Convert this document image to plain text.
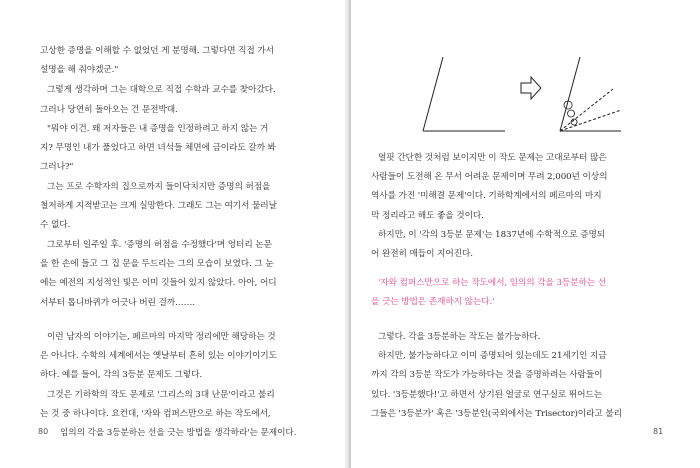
고상한 증명을 이해할 수 없었던 게 분명해. 그렇다면 직접 가서
설명을 해 줘야겠군."
그렇게 생각하며 그는 대학으로 직접 수학과 교수를 찾아갔다.
그러나 당연히 돌아오는 건 문전박대.
"뭐야 이건. 왜 저자들은 내 증명을 인정하려고 하지 않는 거
지? 무명인 내가 풀었다고 하면 녀석들 체면에 금이라도 갈까 봐
그러나?"
그는 프로 수학자의 집으로까지 들이닥치지만 증명의 허점을
철저하게 지적받고는 크게 실망한다. 그래도 그는 여기서 물러날
수 없다.
그로부터 일주일 후. '증명의 허점을 수정했다'며 엉터리 논문
을 한 손에 들고 그 집 문을 두드리는 그의 모습이 보였다. 그 눈
에는 예전의 지성적인 빛은 이미 깃들어 있지 않았다. 아아, 어디
서부터 톱니바퀴가 어긋나 버린 걸까…….
이런 남자의 이야기는, 페르마의 마지막 정리에만 해당하는 것
은 아니다. 수학의 세계에서는 옛날부터 흔히 있는 이야기이기도
하다. 예를 들어, 각의 3등분 문제도 그렇다.
그것은 기하학의 작도 문제로 '그리스의 3대 난문'이라고 불리
는 것 중 하나이다. 요컨대, '자와 컴퍼스만으로 하는 작도에서,
임의의 각을 3등분하는 선을 긋는 방법을 생각하라'는 문제이다.
80
얼핏 간단한 것처럼 보이지만 이 작도 문제는 고대로부터 많은
사람들이 도전해 온 무서 어려운 문제이며 무려 2,000년 이상의
역사를 가진 '미해결 문제'이다. 기하학계에서의 페르마의 마지
막 정리라고 해도 좋을 것이다.
하지만, 이 '각의 3등분 문제'는 1837년에 수학적으로 증명되
어 완전히 매듭이 지어진다.
'자와 컴퍼스만으로 하는 작도에서, 임의의 각을 3등분하는 선
을 긋는 방법은 존재하지 않는다.'
그렇다. 각을 3등분하는 작도는 불가능하다.
하지만, 불가능하다고 이미 증명되어 있는데도 21세기인 지금
까지 각의 3등분 작도가 가능하다는 것을 증명하려는 사람들이
있다. '3등분했다!'고 하면서 상기된 얼굴로 연구실로 뛰어드는
그들은 '3등분가' 혹은 '3등분인(국외에서는 Trisector)이라고 불리
81
